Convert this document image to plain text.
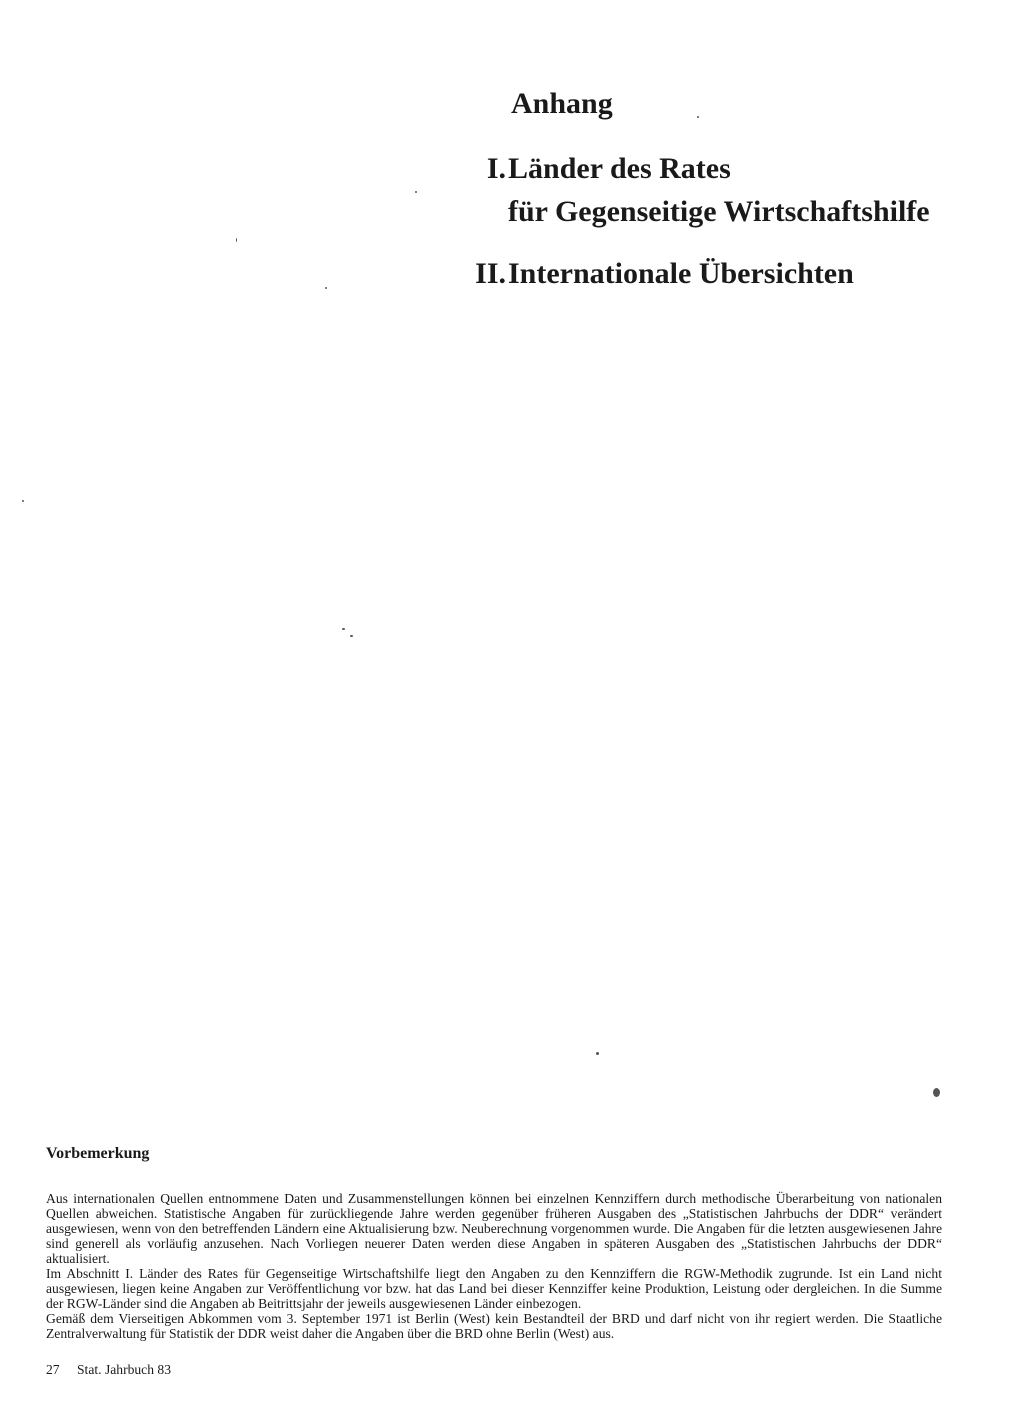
Anhang
I. Länder des Rates
für Gegenseitige Wirtschaftshilfe
II. Internationale Übersichten
Vorbemerkung

Aus internationalen Quellen entnommene Daten und Zusammenstellungen können bei einzelnen Kennziffern durch methodische Überarbeitung von nationalen Quellen abweichen. Statistische Angaben für zurückliegende Jahre werden gegenüber früheren Ausgaben des „Statistischen Jahrbuchs der DDR“ verändert ausgewiesen, wenn von den betreffenden Ländern eine Aktualisierung bzw. Neuberechnung vorgenommen wurde. Die Angaben für die letzten ausgewiesenen Jahre sind generell als vorläufig anzusehen. Nach Vorliegen neuerer Daten werden diese Angaben in späteren Ausgaben des „Statistischen Jahrbuchs der DDR“ aktualisiert.

Im Abschnitt I. Länder des Rates für Gegenseitige Wirtschaftshilfe liegt den Angaben zu den Kennziffern die RGW-Methodik zugrunde. Ist ein Land nicht ausgewiesen, liegen keine Angaben zur Veröffentlichung vor bzw. hat das Land bei dieser Kennziffer keine Produktion, Leistung oder dergleichen. In die Summe der RGW-Länder sind die Angaben ab Beitrittsjahr der jeweils ausgewiesenen Länder einbezogen.

Gemäß dem Vierseitigen Abkommen vom 3. September 1971 ist Berlin (West) kein Bestandteil der BRD und darf nicht von ihr regiert werden. Die Staatliche Zentralverwaltung für Statistik der DDR weist daher die Angaben über die BRD ohne Berlin (West) aus.

27 Stat. Jahrbuch 83
